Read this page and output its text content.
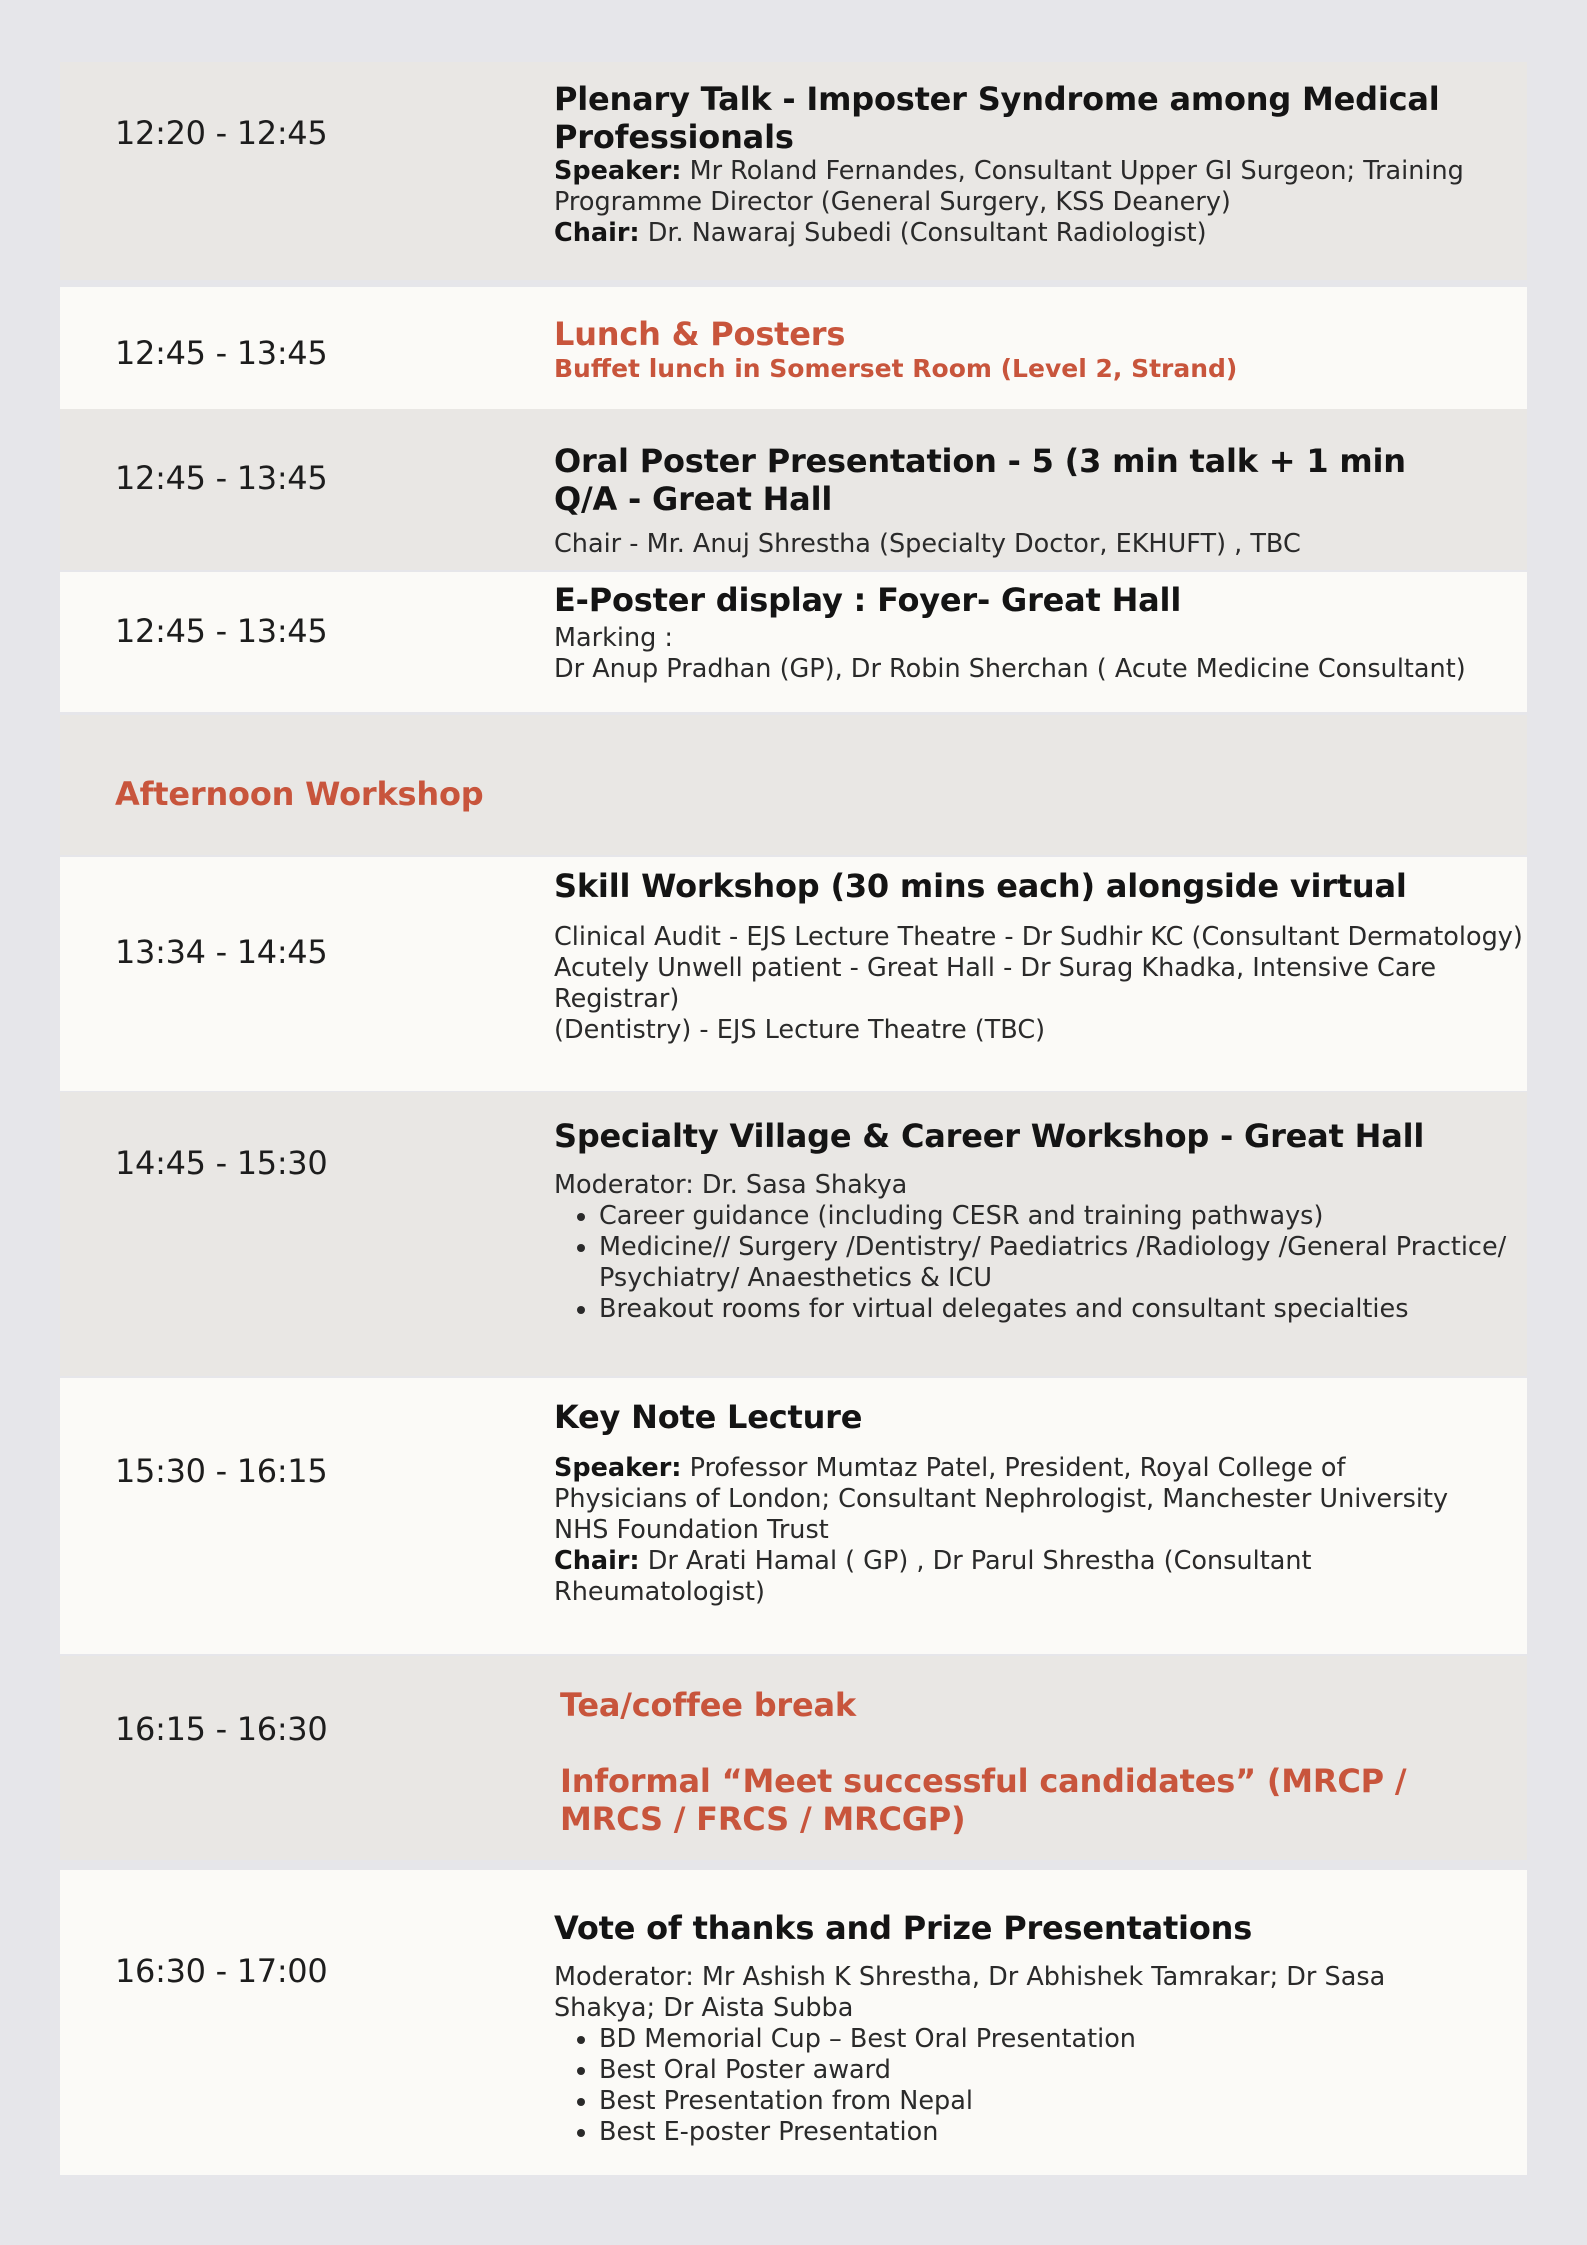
12:20 - 12:45
Plenary Talk - Imposter Syndrome among Medical Professionals
Speaker: Mr Roland Fernandes, Consultant Upper GI Surgeon; Training Programme Director (General Surgery, KSS Deanery)
Chair: Dr. Nawaraj Subedi (Consultant Radiologist)
12:45 - 13:45	Lunch & Posters
Buffet lunch in Somerset Room (Level 2, Strand)
12:45 - 13:45	Oral Poster Presentation - 5 (3 min talk + 1 min Q/A - Great Hall
Chair - Mr. Anuj Shrestha (Specialty Doctor, EKHUFT) , TBC
12:45 - 13:45
E-Poster display : Foyer- Great Hall
Marking :
Dr Anup Pradhan (GP), Dr Robin Sherchan ( Acute Medicine Consultant)
Afternoon Workshop
13:34 - 14:45
Skill Workshop (30 mins each) alongside virtual
Clinical Audit - EJS Lecture Theatre - Dr Sudhir KC (Consultant Dermatology)
Acutely Unwell patient - Great Hall - Dr Surag Khadka, Intensive Care Registrar)
(Dentistry) - EJS Lecture Theatre (TBC)
14:45 - 15:30
Specialty Village & Career Workshop - Great Hall
Moderator: Dr. Sasa Shakya
• Career guidance (including CESR and training pathways)
• Medicine// Surgery /Dentistry/ Paediatrics /Radiology /General Practice/ Psychiatry/ Anaesthetics & ICU
• Breakout rooms for virtual delegates and consultant specialties
15:30 - 16:15
Key Note Lecture
Speaker: Professor Mumtaz Patel, President, Royal College of Physicians of London; Consultant Nephrologist, Manchester University NHS Foundation Trust
Chair: Dr Arati Hamal ( GP) , Dr Parul Shrestha (Consultant Rheumatologist)
16:15 - 16:30
Tea/coffee break
Informal “Meet successful candidates” (MRCP / MRCS / FRCS / MRCGP)
16:30 - 17:00
Vote of thanks and Prize Presentations
Moderator: Mr Ashish K Shrestha, Dr Abhishek Tamrakar; Dr Sasa Shakya; Dr Aista Subba
• BD Memorial Cup – Best Oral Presentation
• Best Oral Poster award
• Best Presentation from Nepal
• Best E-poster Presentation
